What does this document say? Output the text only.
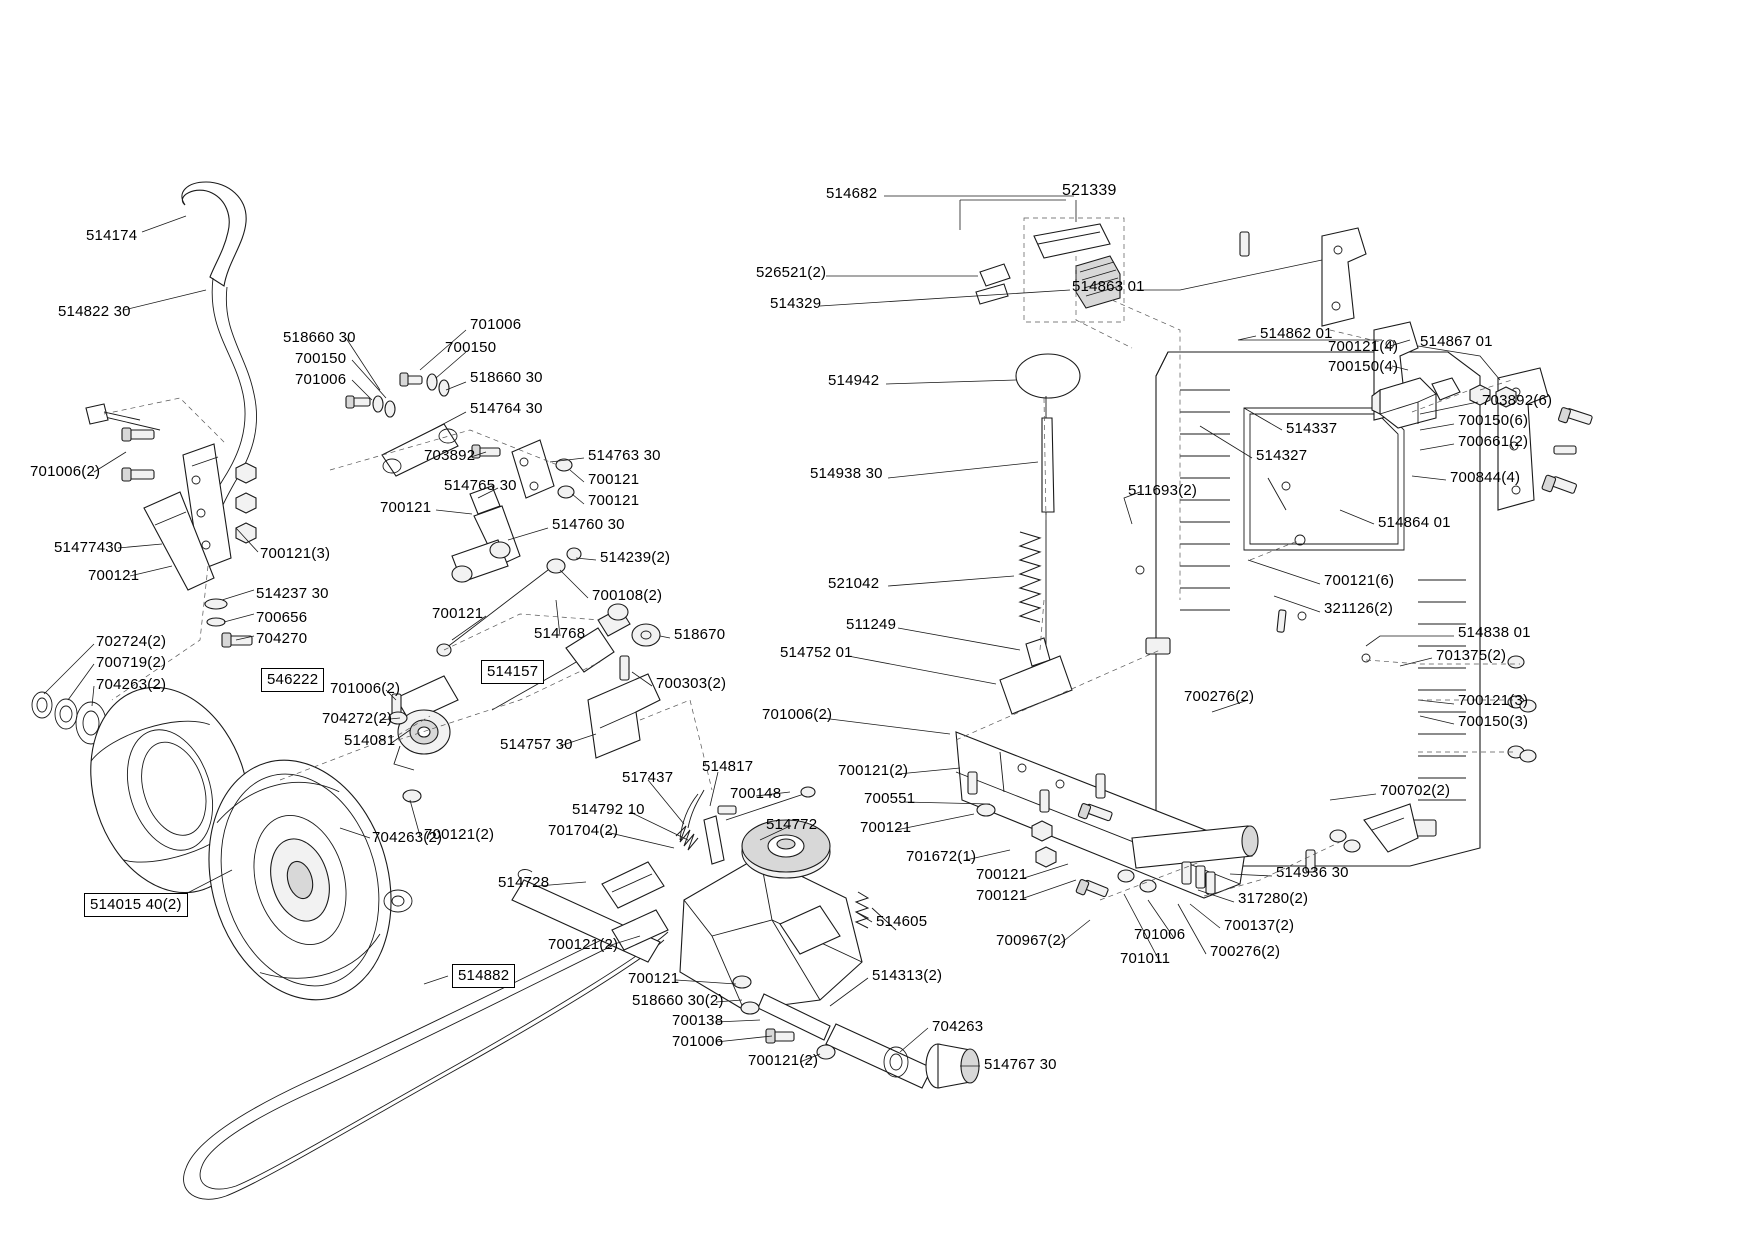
514174
514822 30
701006(2)
51477430
700121
700121(3)
514237 30
700656
704270
702724(2)
700719(2)
704263(2)	546222
704263(2)
514015 40(2)
514882
518660 30
700150
701006
701006
700150
518660 30
514764 30
703892	514763 30
700121
700121
514765 30
700121
514760 30
514239(2)
700108(2)
700121
514768	518670
514157
700303(2)
701006(2)
704272(2)
514757 30
514081
700121(2)
517437
514817
700148
514792 10
701704(2)	514772
514728
514605
700121(2)
700121
518660 30(2)
700138
701006
700121(2)
514313(2)
704263
514767 30
514682	521339
526521(2)
514329
514863 01
514862 01
700121(4)
700150(4)
514867 01
703892(6)
700150(6)
700661(2)
514337
514327
700844(4)
514864 01
514942
514938 30
511693(2)
521042	700121(6)
321126(2)
514838 01
701375(2)
511249
514752 01
700276(2)	700121(3)
700150(3)
701006(2)
700121(2)
700551
700121
700702(2)
701672(1)
700121
700121
514936 30
317280(2)
700137(2)
701006
700276(2)
700967(2)
701011
